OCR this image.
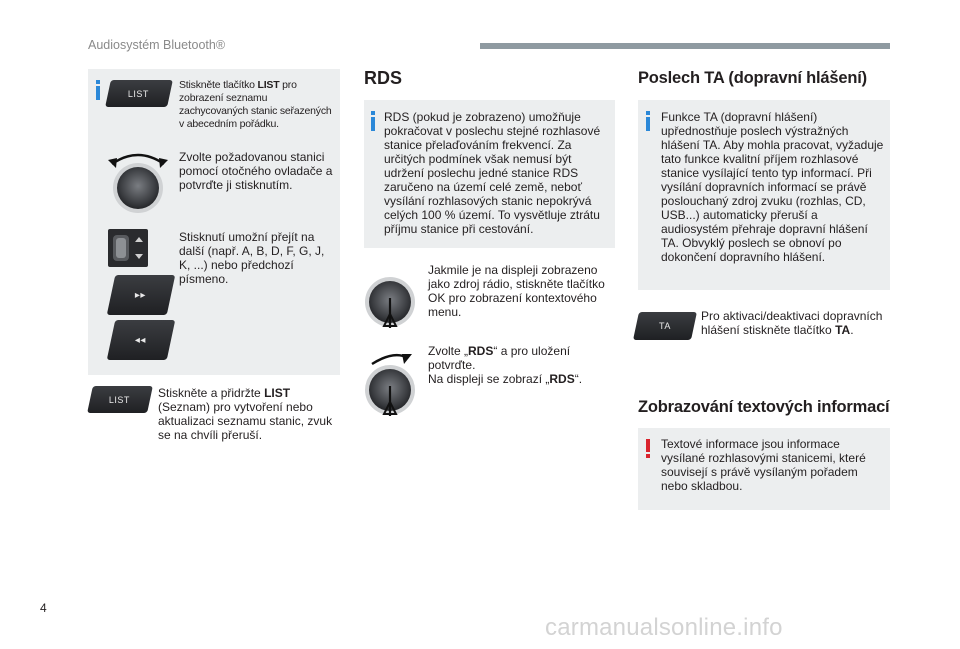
Audiosystém Bluetooth®
LIST
Stiskněte tlačítko LIST pro zobrazení seznamu zachycovaných stanic seřazených v abecedním pořádku.
Zvolte požadovanou stanici pomocí otočného ovladače a potvrďte ji stisknutím.
Stisknutí umožní přejít na další (např. A, B, D, F, G, J, K, ...) nebo předchozí písmeno.
▸▸
◂◂
LIST Stiskněte a přidržte LIST (Seznam) pro vytvoření nebo aktualizaci seznamu stanic, zvuk se na chvíli přeruší.
RDS
RDS (pokud je zobrazeno) umožňuje pokračovat v poslechu stejné rozhlasové stanice přelaďováním frekvencí. Za určitých podmínek však nemusí být udržení poslechu jedné stanice RDS zaručeno na území celé země, neboť vysílání rozhlasových stanic nepokrývá celých 100 % území. To vysvětluje ztrátu příjmu stanice při cestování.
Jakmile je na displeji zobrazeno jako zdroj rádio, stiskněte tlačítko OK pro zobrazení kontextového menu.
Zvolte „RDS“ a pro uložení potvrďte.
Na displeji se zobrazí „RDS“.
Poslech TA (dopravní hlášení)
Funkce TA (dopravní hlášení) upřednostňuje poslech výstražných hlášení TA. Aby mohla pracovat, vyžaduje tato funkce kvalitní příjem rozhlasové stanice vysílající tento typ informací. Při vysílání dopravních informací se právě poslouchaný zdroj zvuku (rozhlas, CD, USB...) automaticky přeruší a audiosystém přehraje dopravní hlášení TA. Obvyklý poslech se obnoví po dokončení dopravního hlášení.
TA
Pro aktivaci/deaktivaci dopravních hlášení stiskněte tlačítko TA.
Zobrazování textových informací
Textové informace jsou informace vysílané rozhlasovými stanicemi, které souvisejí s právě vysílaným pořadem nebo skladbou.
4
carmanualsonline.info
